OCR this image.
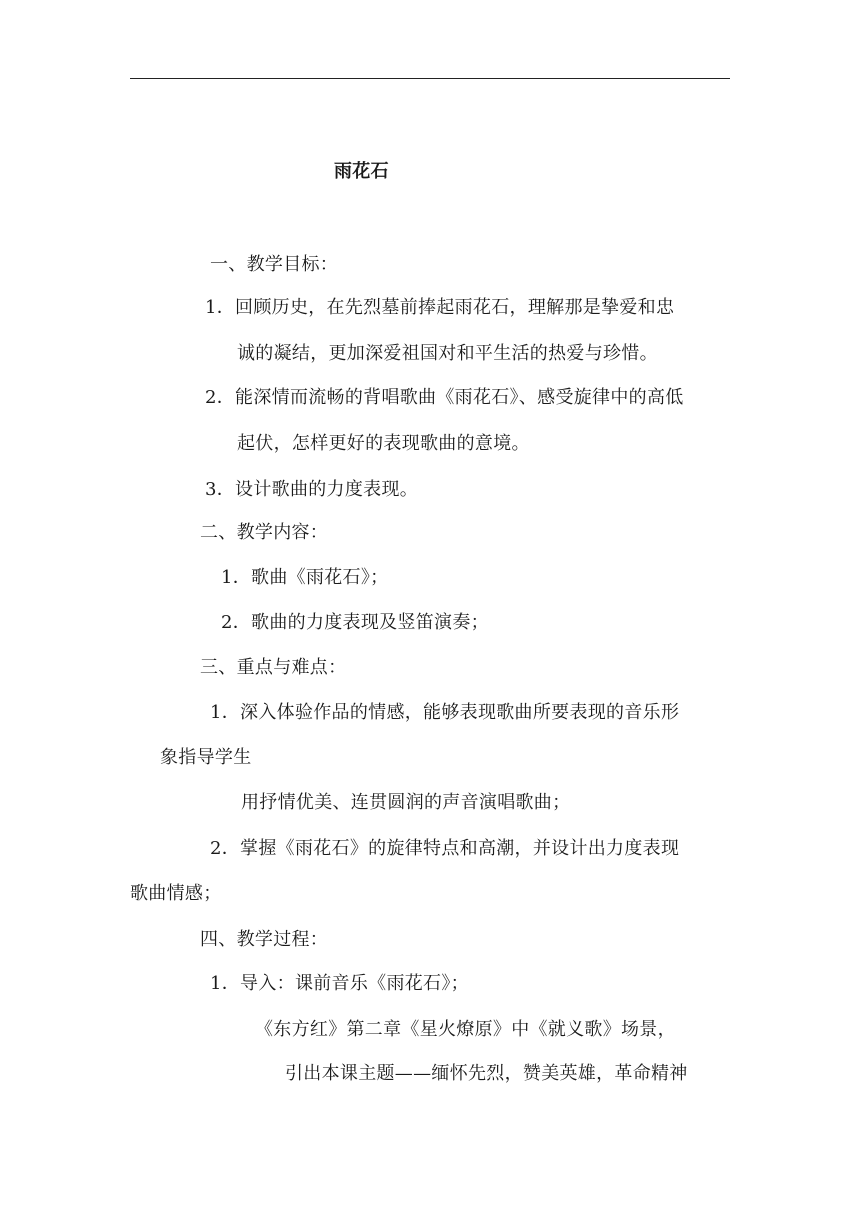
雨花石
一、教学目标：
1．回顾历史，在先烈墓前捧起雨花石，理解那是挚爱和忠
诚的凝结，更加深爱祖国对和平生活的热爱与珍惜。
2．能深情而流畅的背唱歌曲《雨花石》、感受旋律中的高低
起伏，怎样更好的表现歌曲的意境。
3．设计歌曲的力度表现。
二、教学内容：
1．歌曲《雨花石》；
2．歌曲的力度表现及竖笛演奏；
三、重点与难点：
1．深入体验作品的情感，能够表现歌曲所要表现的音乐形
象指导学生
用抒情优美、连贯圆润的声音演唱歌曲；
2．掌握《雨花石》的旋律特点和高潮，并设计出力度表现
歌曲情感；
四、教学过程：
1．导入：课前音乐《雨花石》；
《东方红》第二章《星火燎原》中《就义歌》场景，
引出本课主题——缅怀先烈，赞美英雄，革命精神
